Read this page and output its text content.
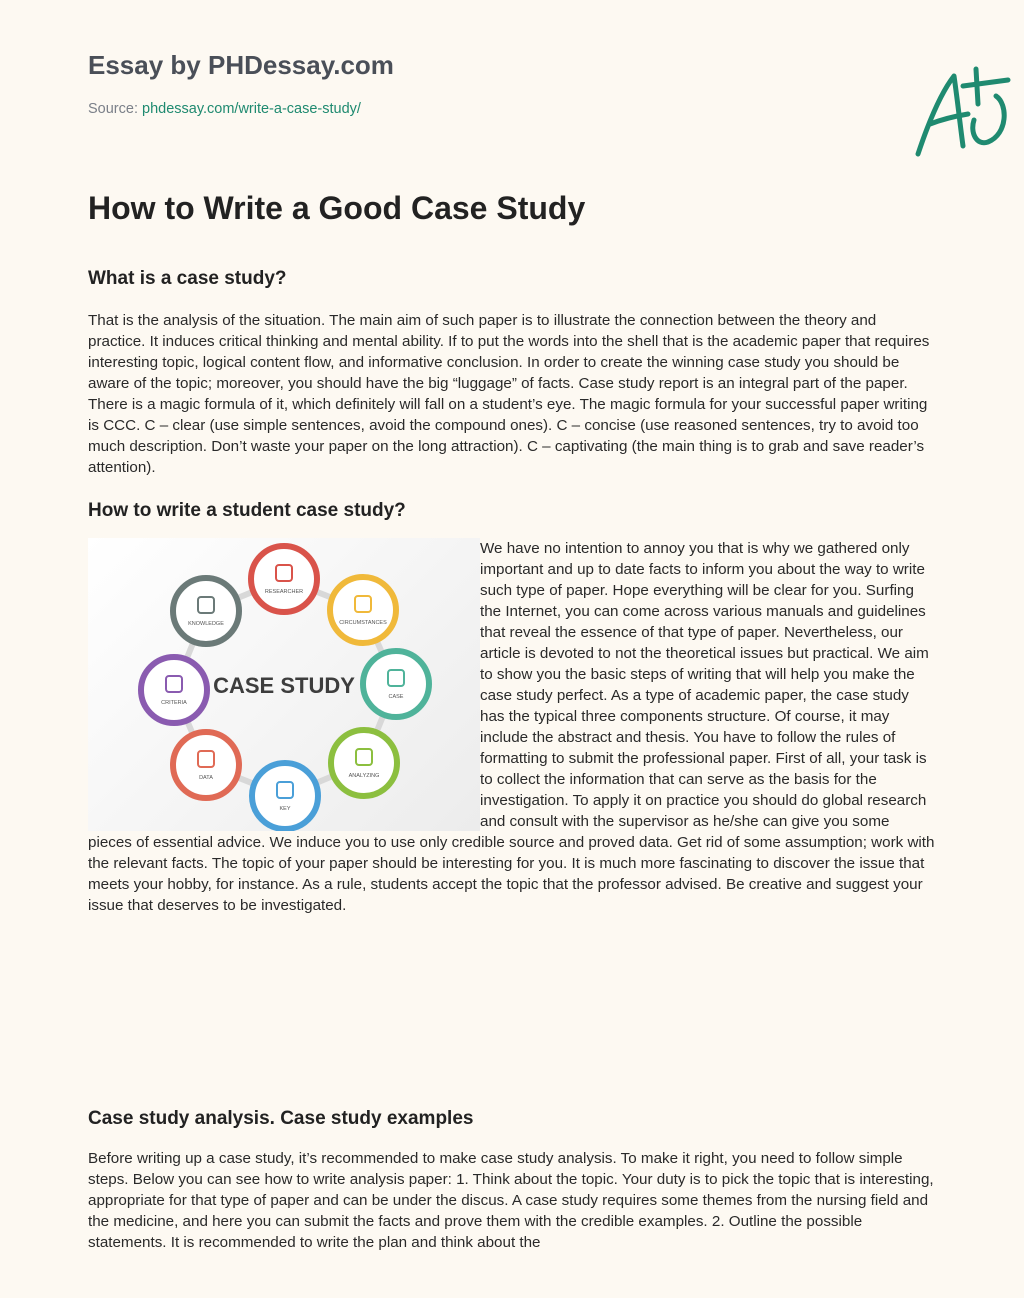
Essay by PHDessay.com
Source: phdessay.com/write-a-case-study/
How to Write a Good Case Study
What is a case study?

That is the analysis of the situation. The main aim of such paper is to illustrate the connection between the theory and practice. It induces critical thinking and mental ability. If to put the words into the shell that is the academic paper that requires interesting topic, logical content flow, and informative conclusion. In order to create the winning case study you should be aware of the topic; moreover, you should have the big “luggage” of facts. Case study report is an integral part of the paper. There is a magic formula of it, which definitely will fall on a student’s eye. The magic formula for your successful paper writing is CCC. C – clear (use simple sentences, avoid the compound ones). C – concise (use reasoned sentences, try to avoid too much description. Don’t waste your paper on the long attraction). C – captivating (the main thing is to grab and save reader’s attention).

How to write a student case study?
RESEARCHER
CIRCUMSTANCES
CASE
ANALYZING
KEY
DATA
CRITERIA
KNOWLEDGE
CASE STUDY

We have no intention to annoy you that is why we gathered only important and up to date facts to inform you about the way to write such type of paper. Hope everything will be clear for you. Surfing the Internet, you can come across various manuals and guidelines that reveal the essence of that type of paper. Nevertheless, our article is devoted to not the theoretical issues but practical. We aim to show you the basic steps of writing that will help you make the case study perfect. As a type of academic paper, the case study has the typical three components structure. Of course, it may include the abstract and thesis. You have to follow the rules of formatting to submit the professional paper. First of all, your task is to collect the information that can serve as the basis for the investigation. To apply it on practice you should do global research and consult with the supervisor as he/she can give you some pieces of essential advice. We induce you to use only credible source and proved data. Get rid of some assumption; work with the relevant facts. The topic of your paper should be interesting for you. It is much more fascinating to discover the issue that meets your hobby, for instance. As a rule, students accept the topic that the professor advised. Be creative and suggest your issue that deserves to be investigated.

Case study analysis. Case study examples

Before writing up a case study, it’s recommended to make case study analysis. To make it right, you need to follow simple steps. Below you can see how to write analysis paper: 1. Think about the topic. Your duty is to pick the topic that is interesting, appropriate for that type of paper and can be under the discus. A case study requires some themes from the nursing field and the medicine, and here you can submit the facts and prove them with the credible examples. 2. Outline the possible statements. It is recommended to write the plan and think about the
